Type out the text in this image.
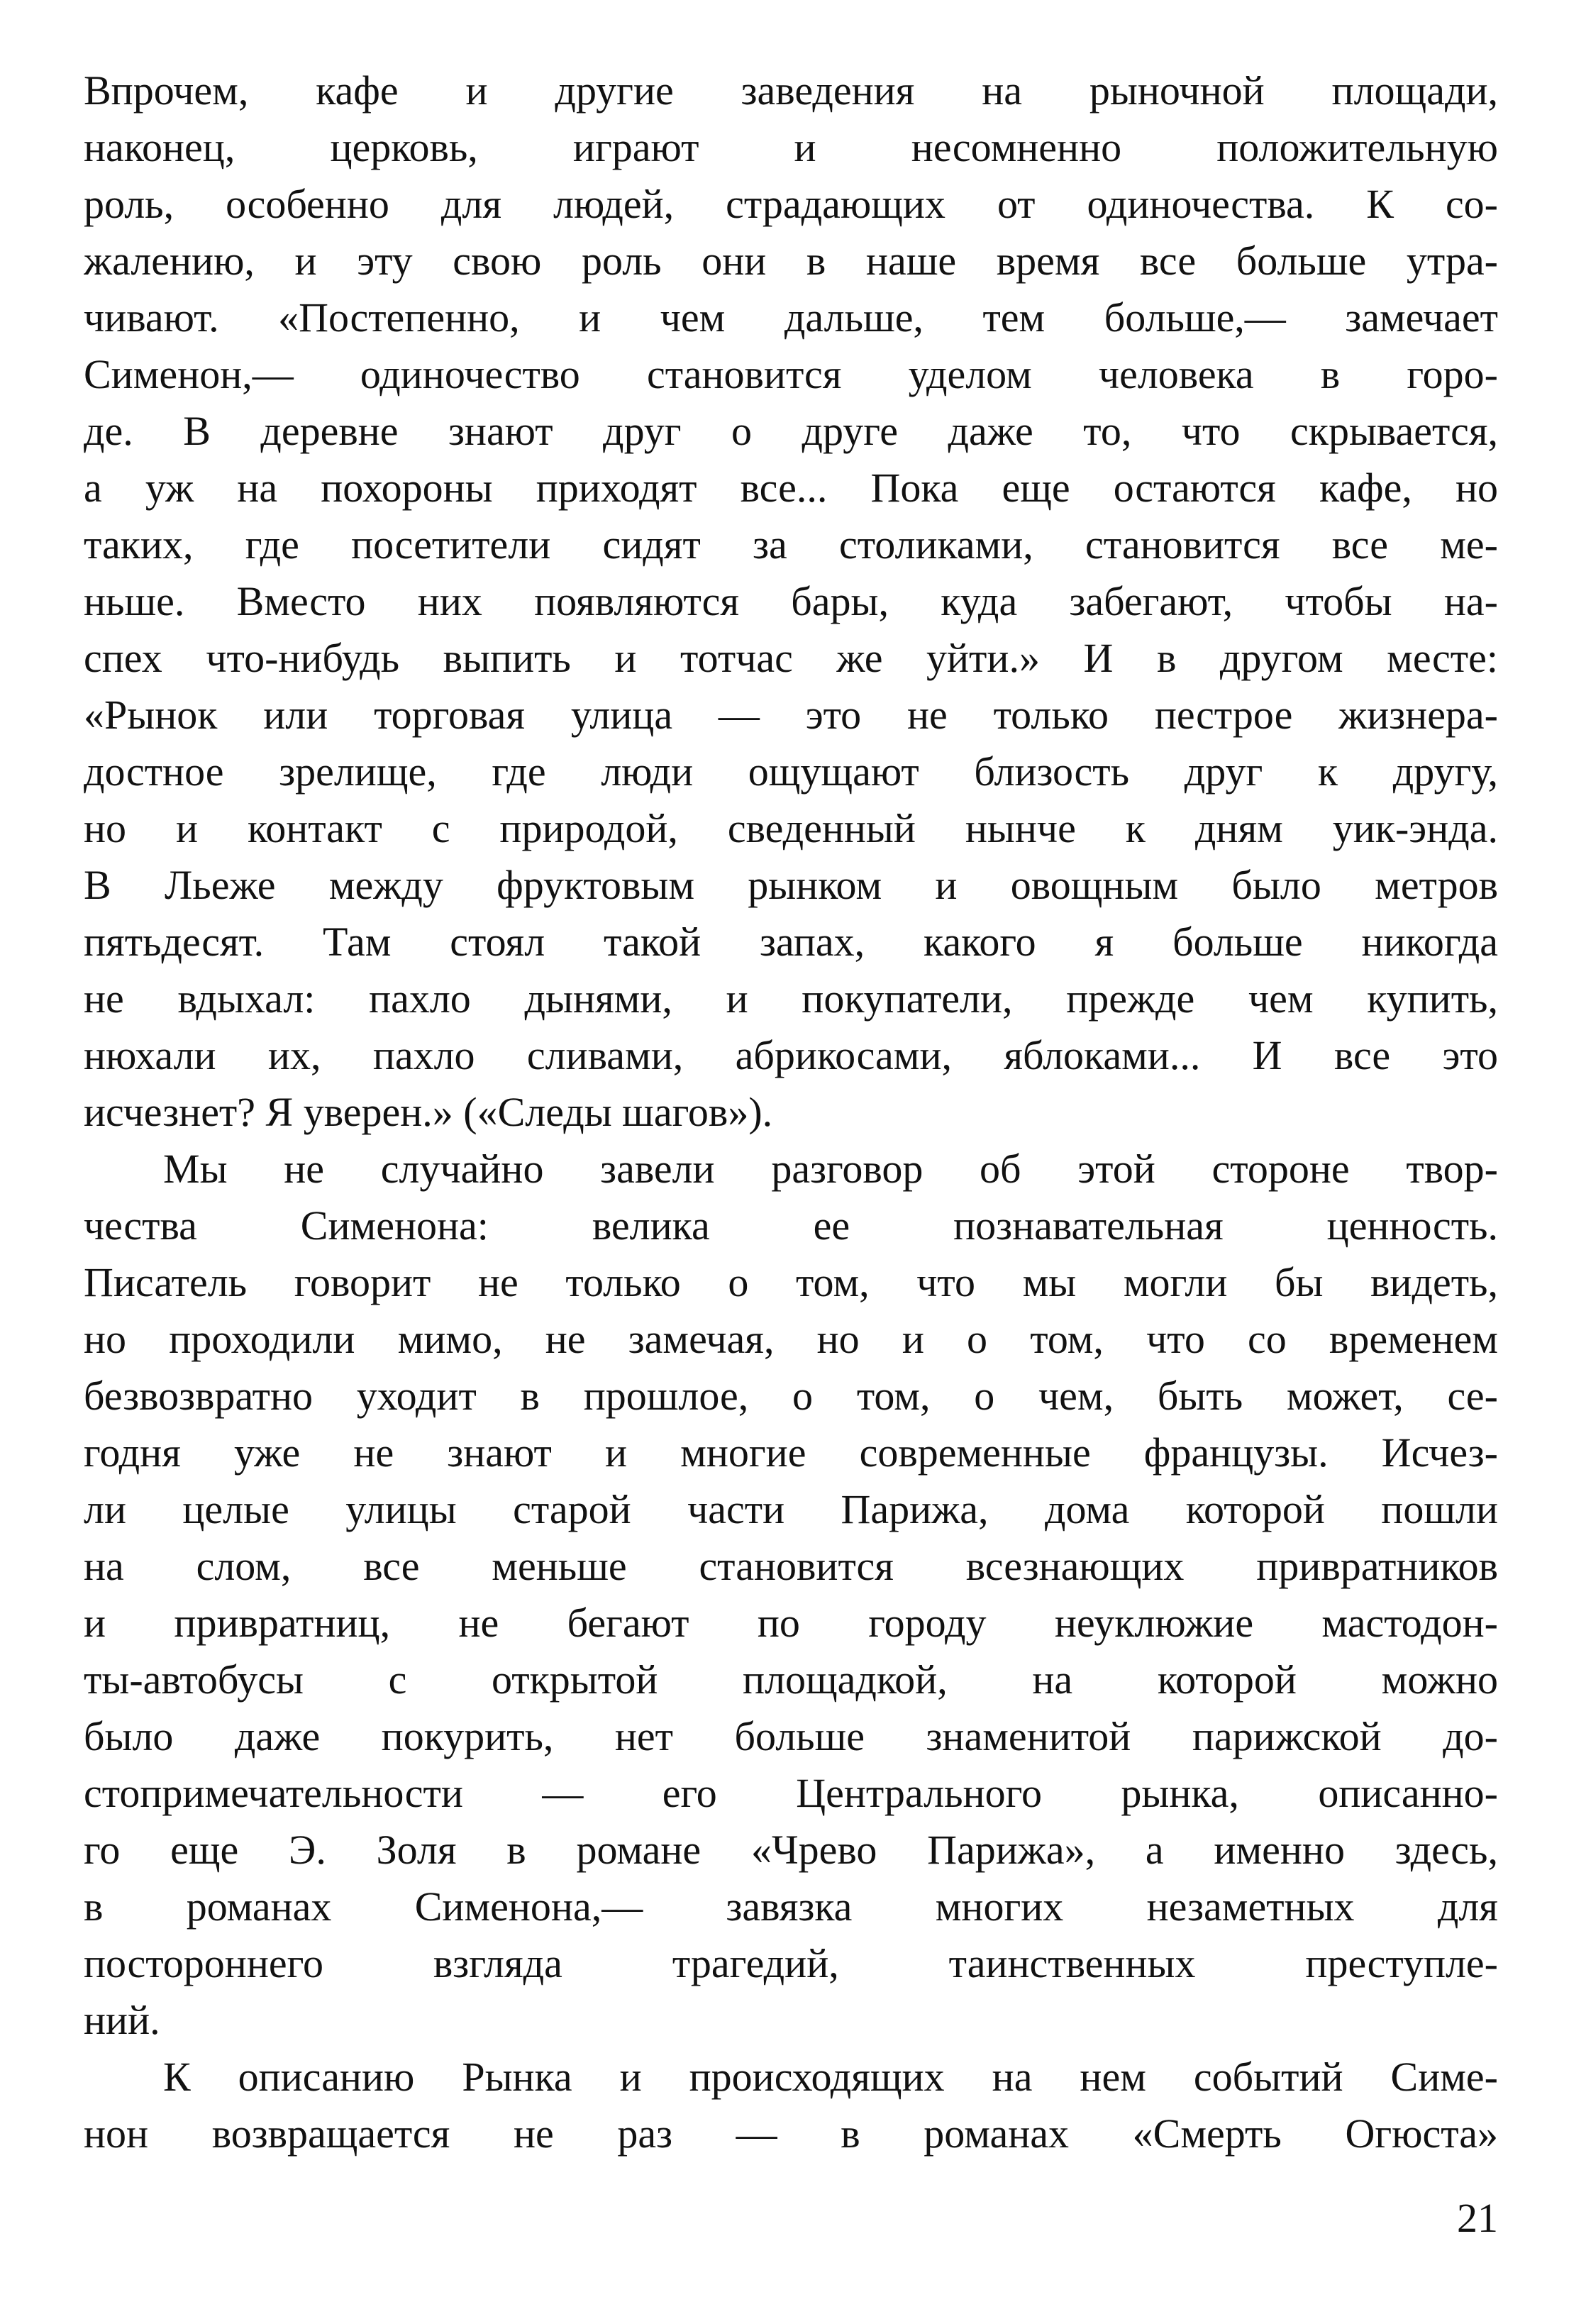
Впрочем, кафе и другие заведения на рыночной площади,
наконец, церковь, играют и несомненно положительную
роль, особенно для людей, страдающих от одиночества. К со-
жалению, и эту свою роль они в наше время все больше утра-
чивают. «Постепенно, и чем дальше, тем больше,— замечает
Сименон,— одиночество становится уделом человека в горо-
де. В деревне знают друг о друге даже то, что скрывается,
а уж на похороны приходят все... Пока еще остаются кафе, но
таких, где посетители сидят за столиками, становится все ме-
ньше. Вместо них появляются бары, куда забегают, чтобы на-
спех что-нибудь выпить и тотчас же уйти.» И в другом месте:
«Рынок или торговая улица — это не только пестрое жизнера-
достное зрелище, где люди ощущают близость друг к другу,
но и контакт с природой, сведенный нынче к дням уик-энда.
В Льеже между фруктовым рынком и овощным было метров
пятьдесят. Там стоял такой запах, какого я больше никогда
не вдыхал: пахло дынями, и покупатели, прежде чем купить,
нюхали их, пахло сливами, абрикосами, яблоками... И все это
исчезнет? Я уверен.» («Следы шагов»).
Мы не случайно завели разговор об этой стороне твор-
чества Сименона: велика ее познавательная ценность.
Писатель говорит не только о том, что мы могли бы видеть,
но проходили мимо, не замечая, но и о том, что со временем
безвозвратно уходит в прошлое, о том, о чем, быть может, се-
годня уже не знают и многие современные французы. Исчез-
ли целые улицы старой части Парижа, дома которой пошли
на слом, все меньше становится всезнающих привратников
и привратниц, не бегают по городу неуклюжие мастодон-
ты-автобусы с открытой площадкой, на которой можно
было даже покурить, нет больше знаменитой парижской до-
стопримечательности — его Центрального рынка, описанно-
го еще Э. Золя в романе «Чрево Парижа», а именно здесь,
в романах Сименона,— завязка многих незаметных для
постороннего взгляда трагедий, таинственных преступле-
ний.
К описанию Рынка и происходящих на нем событий Симе-
нон возвращается не раз — в романах «Смерть Огюста»
21
